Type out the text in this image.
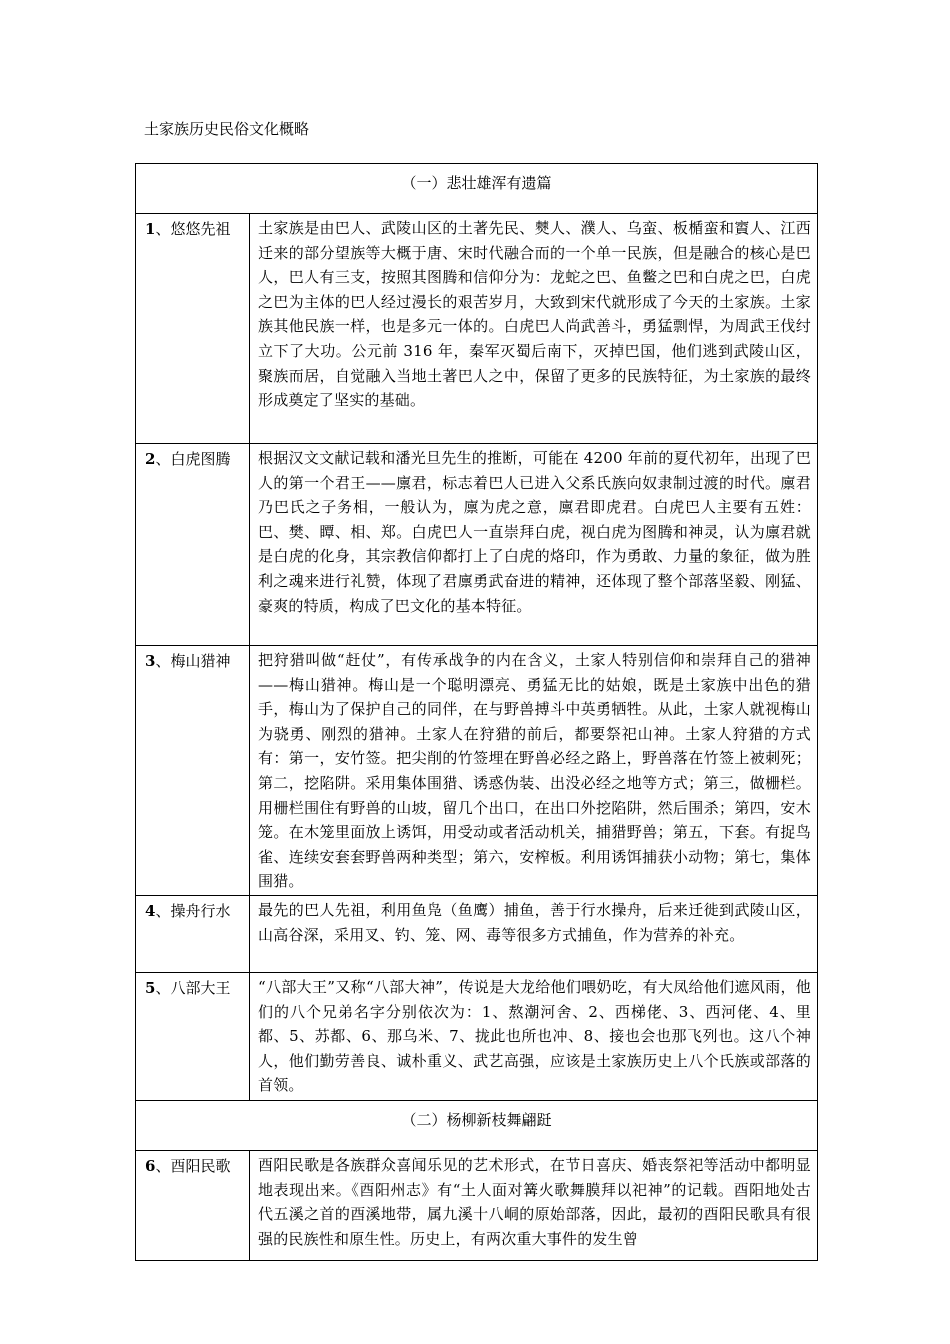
土家族历史民俗文化概略
（一）悲壮雄浑有遗篇	
1、悠悠先祖	土家族是由巴人、武陵山区的土著先民、僰人、濮人、乌蛮、板楯蛮和賨人、江西迁来的部分望族等大概于唐、宋时代融合而的一个单一民族，但是融合的核心是巴人，巴人有三支，按照其图腾和信仰分为：龙蛇之巴、鱼鳖之巴和白虎之巴，白虎之巴为主体的巴人经过漫长的艰苦岁月，大致到宋代就形成了今天的土家族。土家族其他民族一样，也是多元一体的。白虎巴人尚武善斗，勇猛剽悍，为周武王伐纣立下了大功。公元前 316 年，秦军灭蜀后南下，灭掉巴国，他们逃到武陵山区，聚族而居，自觉融入当地土著巴人之中，保留了更多的民族特征，为土家族的最终形成奠定了坚实的基础。
2、白虎图腾	根据汉文文献记载和潘光旦先生的推断，可能在 4200 年前的夏代初年，出现了巴人的第一个君王——廪君，标志着巴人已进入父系氏族向奴隶制过渡的时代。廪君乃巴氏之子务相，一般认为，廪为虎之意，廪君即虎君。白虎巴人主要有五姓：巴、樊、瞫、相、郑。白虎巴人一直崇拜白虎，视白虎为图腾和神灵，认为廪君就是白虎的化身，其宗教信仰都打上了白虎的烙印，作为勇敢、力量的象征，做为胜利之魂来进行礼赞，体现了君廪勇武奋进的精神，还体现了整个部落坚毅、刚猛、豪爽的特质，构成了巴文化的基本特征。
3、梅山猎神	把狩猎叫做“赶仗”，有传承战争的内在含义，土家人特别信仰和崇拜自己的猎神——梅山猎神。梅山是一个聪明漂亮、勇猛无比的姑娘，既是土家族中出色的猎手，梅山为了保护自己的同伴，在与野兽搏斗中英勇牺牲。从此，土家人就视梅山为骁勇、刚烈的猎神。土家人在狩猎的前后，都要祭祀山神。土家人狩猎的方式有：第一，安竹签。把尖削的竹签埋在野兽必经之路上，野兽落在竹签上被刺死；第二，挖陷阱。采用集体围猎、诱惑伪装、出没必经之地等方式；第三，做栅栏。用栅栏围住有野兽的山坡，留几个出口，在出口外挖陷阱，然后围杀；第四，安木笼。在木笼里面放上诱饵，用受动或者活动机关，捕猎野兽；第五，下套。有捉鸟雀、连续安套套野兽两种类型；第六，安榨板。利用诱饵捕获小动物；第七，集体围猎。
4、操舟行水	最先的巴人先祖，利用鱼凫（鱼鹰）捕鱼，善于行水操舟，后来迁徙到武陵山区，山高谷深，采用叉、钓、笼、网、毒等很多方式捕鱼，作为营养的补充。
5、八部大王	“八部大王”又称“八部大神”，传说是大龙给他们喂奶吃，有大凤给他们遮风雨，他们的八个兄弟名字分别依次为：1、熬潮河舍、2、西梯佬、3、西河佬、4、里都、5、苏都、6、那乌米、7、拢此也所也冲、8、接也会也那飞列也。这八个神人，他们勤劳善良、诚朴重义、武艺高强，应该是土家族历史上八个氏族或部落的首领。
（二）杨柳新枝舞翩跹	
6、酉阳民歌	酉阳民歌是各族群众喜闻乐见的艺术形式，在节日喜庆、婚丧祭祀等活动中都明显地表现出来。《酉阳州志》有“土人面对篝火歌舞膜拜以祀神”的记载。酉阳地处古代五溪之首的酉溪地带，属九溪十八峒的原始部落，因此，最初的酉阳民歌具有很强的民族性和原生性。历史上，有两次重大事件的发生曾
